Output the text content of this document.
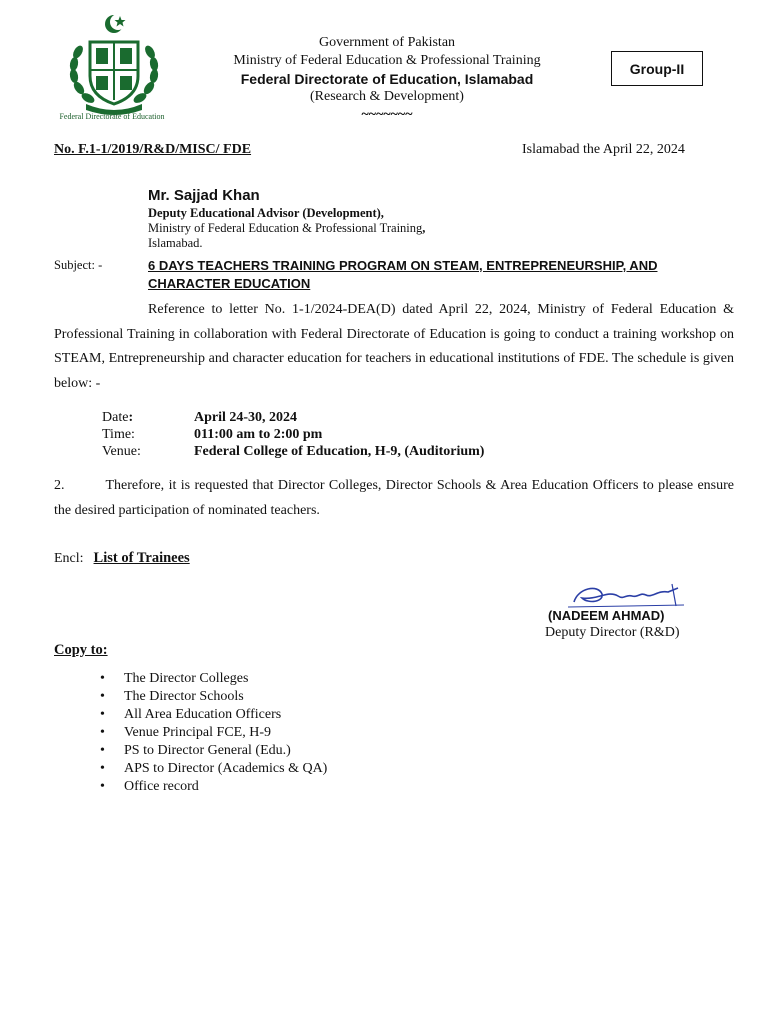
Federal Directorate of Education
Government of Pakistan
Ministry of Federal Education & Professional Training
Federal Directorate of Education, Islamabad
(Research & Development)
~~~~~~~
Group-II
No. F.1-1/2019/R&D/MISC/ FDE	Islamabad the April 22, 2024
Mr. Sajjad Khan
Deputy Educational Advisor (Development),
Ministry of Federal Education & Professional Training,
Islamabad.
Subject: -	6 DAYS TEACHERS TRAINING PROGRAM ON STEAM, ENTREPRENEURSHIP, AND CHARACTER EDUCATION
Reference to letter No. 1-1/2024-DEA(D) dated April 22, 2024, Ministry of Federal Education & Professional Training in collaboration with Federal Directorate of Education is going to conduct a training workshop on STEAM, Entrepreneurship and character education for teachers in educational institutions of FDE. The schedule is given below: -
Date:	April 24-30, 2024
Time:	011:00 am to 2:00 pm
Venue:	Federal College of Education, H-9, (Auditorium)
2.	Therefore, it is requested that Director Colleges, Director Schools & Area Education Officers to please ensure the desired participation of nominated teachers.
Encl: List of Trainees
(NADEEM AHMAD)
Deputy Director (R&D)
Copy to:
• The Director Colleges
• The Director Schools
• All Area Education Officers
• Venue Principal FCE, H-9
• PS to Director General (Edu.)
• APS to Director (Academics & QA)
• Office record
